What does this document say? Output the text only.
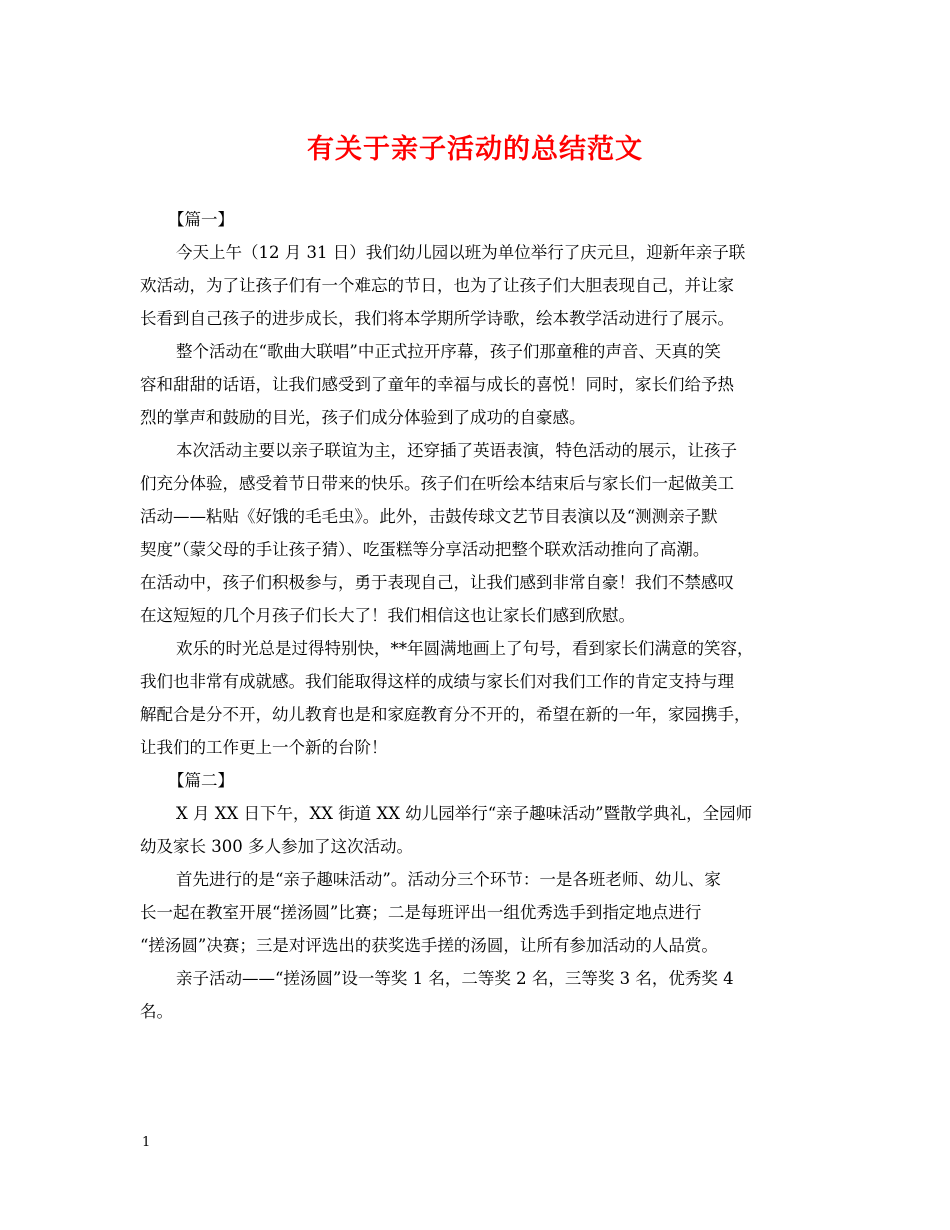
有关于亲子活动的总结范文
【篇一】
今天上午（12 月 31 日）我们幼儿园以班为单位举行了庆元旦，迎新年亲子联
欢活动，为了让孩子们有一个难忘的节日，也为了让孩子们大胆表现自己，并让家
长看到自己孩子的进步成长，我们将本学期所学诗歌，绘本教学活动进行了展示。
整个活动在“歌曲大联唱”中正式拉开序幕，孩子们那童稚的声音、天真的笑
容和甜甜的话语，让我们感受到了童年的幸福与成长的喜悦！同时，家长们给予热
烈的掌声和鼓励的目光，孩子们成分体验到了成功的自豪感。
本次活动主要以亲子联谊为主，还穿插了英语表演，特色活动的展示，让孩子
们充分体验，感受着节日带来的快乐。孩子们在听绘本结束后与家长们一起做美工
活动——粘贴《好饿的毛毛虫》。此外，击鼓传球文艺节目表演以及“测测亲子默
契度”（蒙父母的手让孩子猜）、吃蛋糕等分享活动把整个联欢活动推向了高潮。
在活动中，孩子们积极参与，勇于表现自己，让我们感到非常自豪！我们不禁感叹
在这短短的几个月孩子们长大了！我们相信这也让家长们感到欣慰。
欢乐的时光总是过得特别快，**年圆满地画上了句号，看到家长们满意的笑容，
我们也非常有成就感。我们能取得这样的成绩与家长们对我们工作的肯定支持与理
解配合是分不开，幼儿教育也是和家庭教育分不开的，希望在新的一年，家园携手，
让我们的工作更上一个新的台阶！
【篇二】
X 月 XX 日下午，XX 街道 XX 幼儿园举行“亲子趣味活动”暨散学典礼，全园师
幼及家长 300 多人参加了这次活动。
首先进行的是“亲子趣味活动”。活动分三个环节：一是各班老师、幼儿、家
长一起在教室开展“搓汤圆”比赛；二是每班评出一组优秀选手到指定地点进行
“搓汤圆”决赛；三是对评选出的获奖选手搓的汤圆，让所有参加活动的人品赏。
亲子活动——“搓汤圆”设一等奖 1 名，二等奖 2 名，三等奖 3 名，优秀奖 4
名。
1
